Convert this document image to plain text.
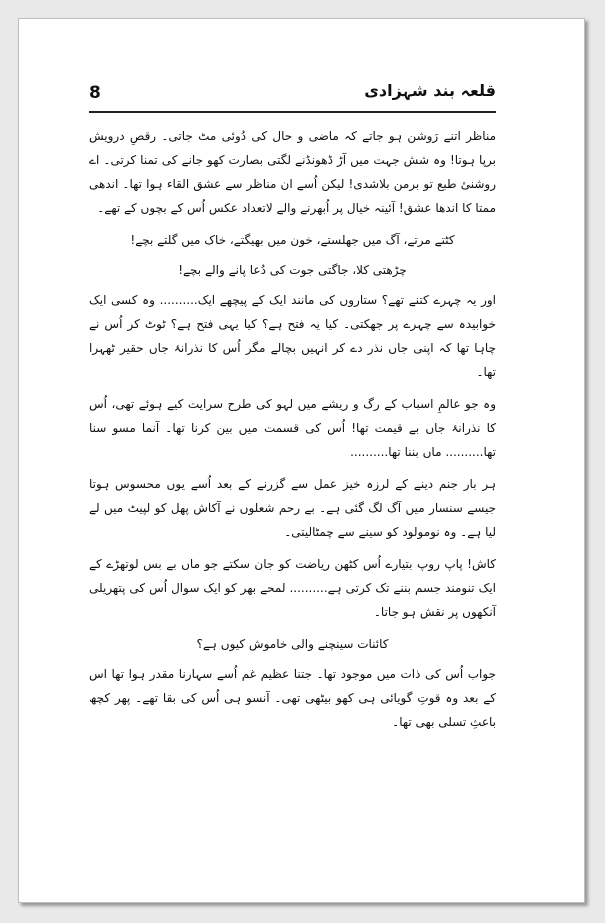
8	قلعہ بند شہزادی

مناظر اتنے رَوشن ہو جاتے کہ ماضی و حال کی دُوئی مٹ جاتی۔ رقصِ درویش برپا ہوتا! وہ شش جہت میں آڑ ڈھونڈنے لگتی بصارت کھو جانے کی تمنا کرتی۔ اے روشنیٔ طبع تو برمن بلاشدی! لیکن اُسے ان مناظر سے عشق القاء ہوا تھا۔ اندھی ممتا کا اندھا عشق! آئینہ خیال پر اُبھرنے والے لاتعداد عکس اُس کے بچوں کے تھے۔

کٹتے مرتے، آگ میں جھلستے، خون میں بھیگتے، خاک میں گلتے بچے!

چڑھتی کلا، جاگتی جوت کی دُعا پانے والے بچے!

اور یہ چہرے کتنے تھے؟ ستاروں کی مانند ایک کے پیچھے ایک.......... وہ کسی ایک خوابیدہ سے چہرے پر جھکتی۔ کیا یہ فتح ہے؟ کیا یہی فتح ہے؟ ٹوٹ کر اُس نے چاہا تھا کہ اپنی جاں نذر دے کر انہیں بچالے مگر اُس کا نذرانۂ جاں حقیر ٹھہرا تھا۔

وہ جو عالمِ اسباب کے رگ و ریشے میں لہو کی طرح سرایت کیے ہوئے تھی، اُس کا نذرانۂ جاں بے قیمت تھا! اُس کی قسمت میں بین کرنا تھا۔ آنما مسو سنا تھا.......... ماں بننا تھا..........

ہر بار جنم دینے کے لرزہ خیز عمل سے گزرنے کے بعد اُسے یوں محسوس ہوتا جیسے سنسار میں آگ لگ گئی ہے۔ بے رحم شعلوں نے آکاش پھل کو لپیٹ میں لے لیا ہے۔ وہ نومولود کو سینے سے چمٹالیتی۔

کاش! پاپ روپ بتیارے اُس کٹھن ریاضت کو جان سکتے جو ماں بے بس لوتھڑے کے ایک تنومند جسم بننے تک کرتی ہے.......... لمحے بھر کو ایک سوال اُس کی پتھریلی آنکھوں پر نقش ہو جاتا۔

کائنات سینچنے والی خاموش کیوں ہے؟

جواب اُس کی ذات میں موجود تھا۔ جتنا عظیم غم اُسے سہارنا مقدر ہوا تھا اس کے بعد وہ قوتِ گویائی ہی کھو بیٹھی تھی۔ آنسو ہی اُس کی بقا تھے۔ پھر کچھ باعثِ تسلی بھی تھا۔
